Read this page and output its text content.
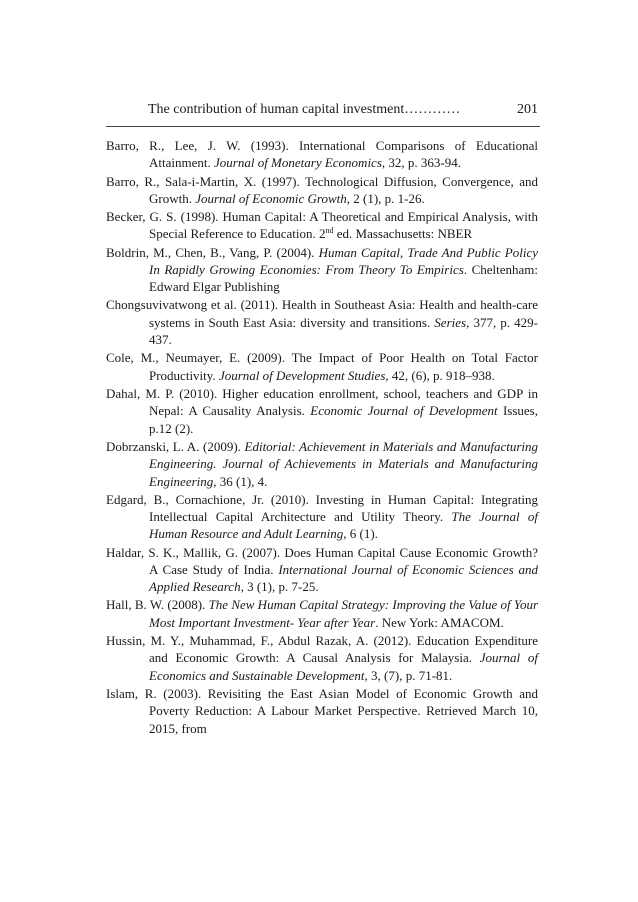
The contribution of human capital investment…………	201

Barro, R., Lee, J. W. (1993). International Comparisons of Educational Attainment. Journal of Monetary Economics, 32, p. 363-94.

Barro, R., Sala-i-Martin, X. (1997). Technological Diffusion, Convergence, and Growth. Journal of Economic Growth, 2 (1), p. 1-26.

Becker, G. S. (1998). Human Capital: A Theoretical and Empirical Analysis, with Special Reference to Education. 2nd ed. Massachusetts: NBER

Boldrin, M., Chen, B., Vang, P. (2004). Human Capital, Trade And Public Policy In Rapidly Growing Economies: From Theory To Empirics. Cheltenham: Edward Elgar Publishing

Chongsuvivatwong et al. (2011). Health in Southeast Asia: Health and health-care systems in South East Asia: diversity and transitions. Series, 377, p. 429-437.

Cole, M., Neumayer, E. (2009). The Impact of Poor Health on Total Factor Productivity. Journal of Development Studies, 42, (6), p. 918–938.

Dahal, M. P. (2010). Higher education enrollment, school, teachers and GDP in Nepal: A Causality Analysis. Economic Journal of Development Issues, p.12 (2).

Dobrzanski, L. A. (2009). Editorial: Achievement in Materials and Manufacturing Engineering. Journal of Achievements in Materials and Manufacturing Engineering, 36 (1), 4.

Edgard, B., Cornachione, Jr. (2010). Investing in Human Capital: Integrating Intellectual Capital Architecture and Utility Theory. The Journal of Human Resource and Adult Learning, 6 (1).

Haldar, S. K., Mallik, G. (2007). Does Human Capital Cause Economic Growth? A Case Study of India. International Journal of Economic Sciences and Applied Research, 3 (1), p. 7-25.

Hall, B. W. (2008). The New Human Capital Strategy: Improving the Value of Your Most Important Investment- Year after Year. New York: AMACOM.

Hussin, M. Y., Muhammad, F., Abdul Razak, A. (2012). Education Expenditure and Economic Growth: A Causal Analysis for Malaysia. Journal of Economics and Sustainable Development, 3, (7), p. 71-81.

Islam, R. (2003). Revisiting the East Asian Model of Economic Growth and Poverty Reduction: A Labour Market Perspective. Retrieved March 10, 2015, from
